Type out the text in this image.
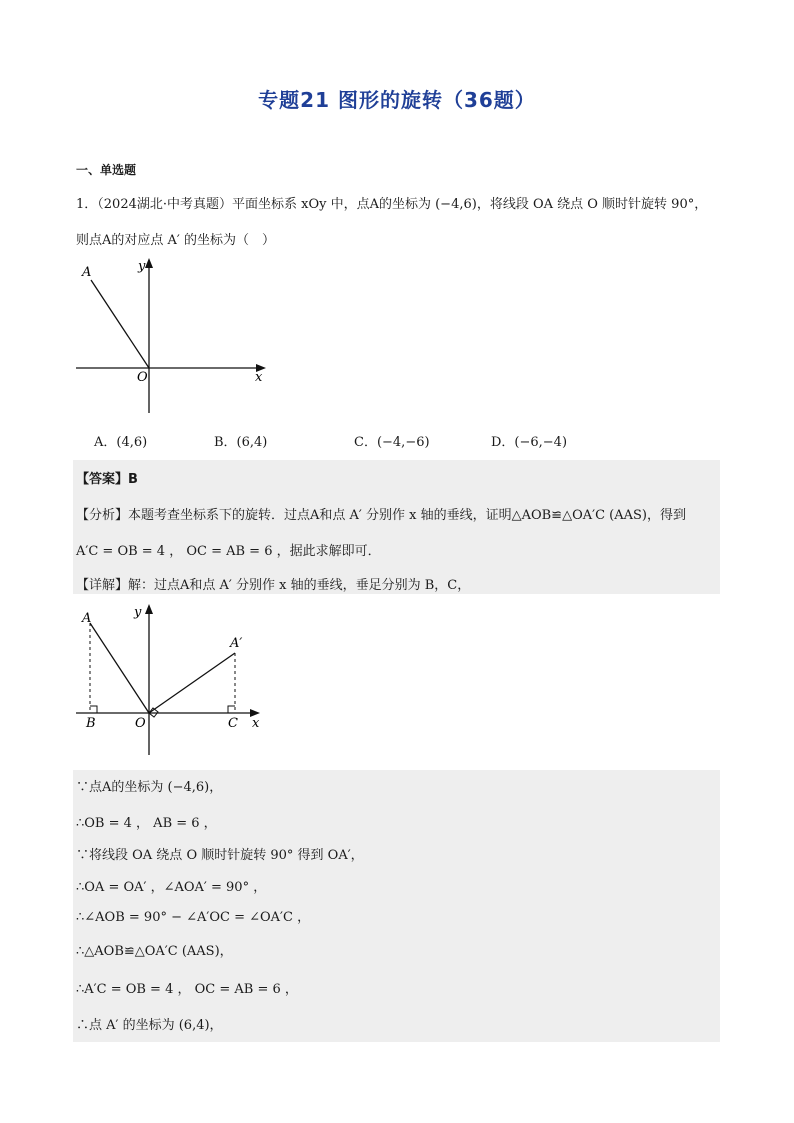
专题21 图形的旋转（36题）
一、单选题
1．（2024湖北·中考真题）平面坐标系 xOy 中，点A的坐标为 (−4,6)，将线段 OA 绕点 O 顺时针旋转 90°，
则点A的对应点 A′ 的坐标为（　）
A	y
O	x
A．(4,6)	B．(6,4)	C．(−4,−6)	D．(−6,−4)
【答案】B
【分析】本题考查坐标系下的旋转．过点A和点 A′ 分别作 x 轴的垂线，证明△AOB≌△OA′C (AAS)，得到
A′C = OB = 4 ， OC = AB = 6 ，据此求解即可．
【详解】解：过点A和点 A′ 分别作 x 轴的垂线，垂足分别为 B，C，
A	y
A′
B	O	C x
∵点A的坐标为 (−4,6)，
∴OB = 4 ， AB = 6 ，
∵将线段 OA 绕点 O 顺时针旋转 90° 得到 OA′，
∴OA = OA′ ，∠AOA′ = 90° ，
∴∠AOB = 90° − ∠A′OC = ∠OA′C ，
∴△AOB≌△OA′C (AAS)，
∴A′C = OB = 4 ， OC = AB = 6 ，
∴点 A′ 的坐标为 (6,4)，
